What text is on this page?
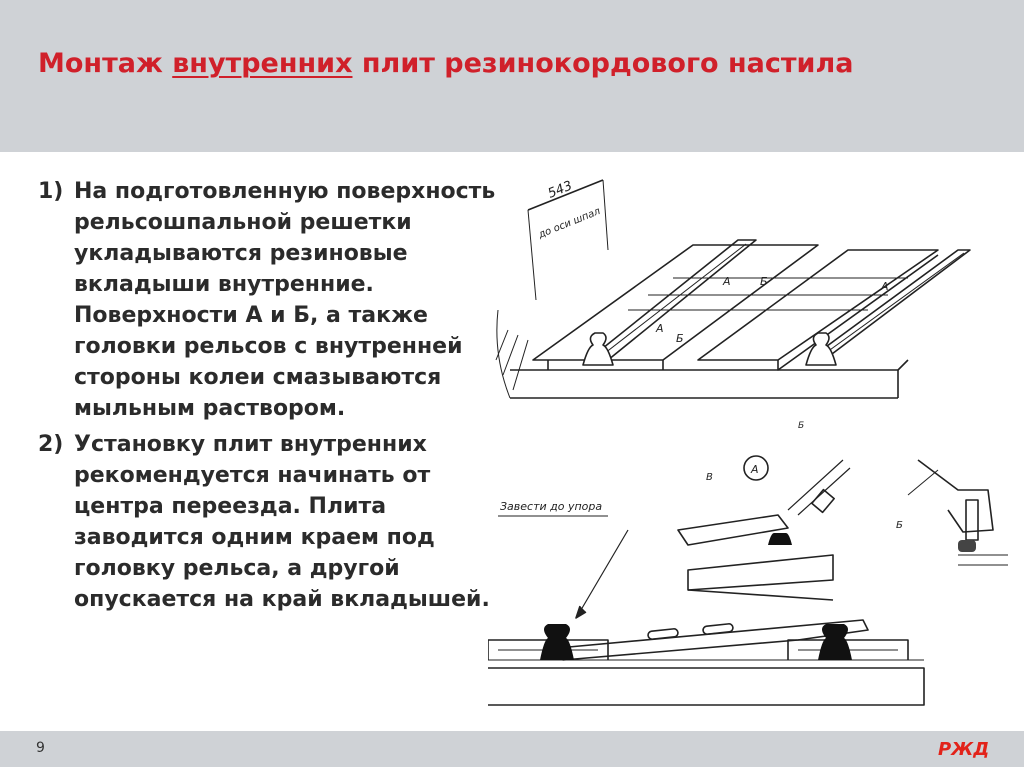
Монтаж внутренних плит резинокордового настила
1) На подготовленную поверхность рельсошпальной решетки укладываются резиновые вкладыши внутренние. Поверхности А и Б, а также головки рельсов с внутренней стороны колеи смазываются мыльным раствором.
2) Установку плит внутренних рекомендуется начинать от центра переезда. Плита заводится одним краем под головку рельса, а другой опускается на край вкладышей.
543
до оси шпал
А
А
Б
Б
А
Б
А
В
Б
Завести до упора
9	РЖД
